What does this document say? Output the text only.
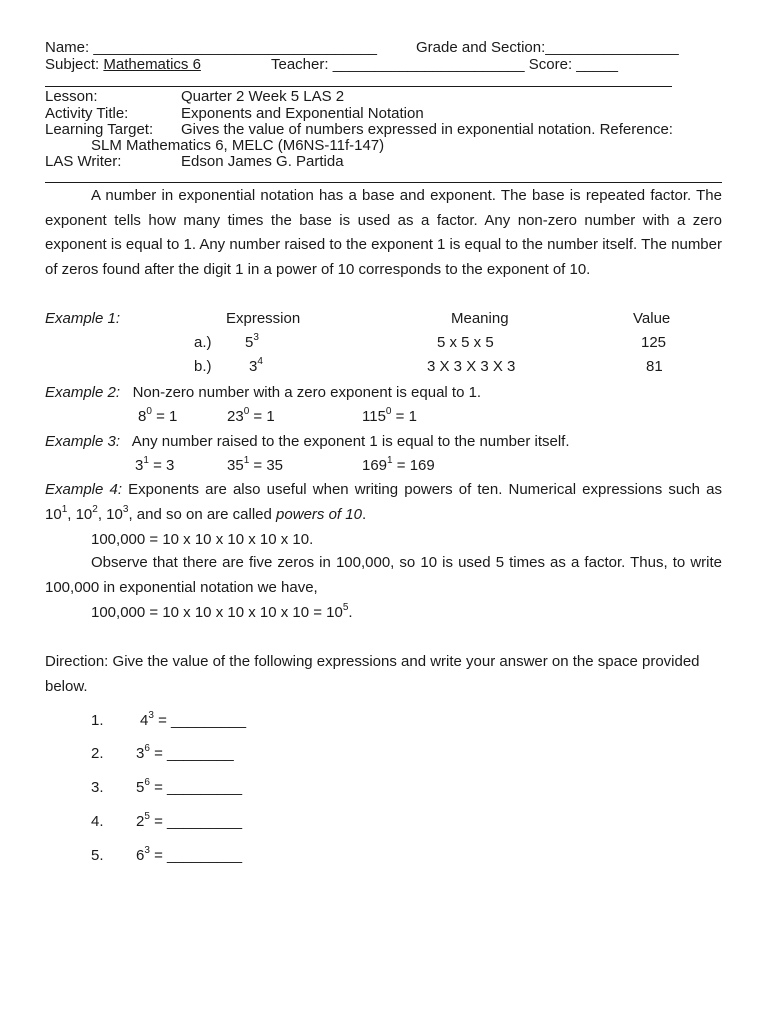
Name: __________________________________	Grade and Section:________________
Subject: Mathematics 6	Teacher: _______________________ Score: _____
Lesson:	Quarter 2 Week 5 LAS 2
Activity Title:	Exponents and Exponential Notation
Learning Target: Gives the value of numbers expressed in exponential notation. Reference:
SLM Mathematics 6, MELC (M6NS-11f-147)
LAS Writer:	Edson James G. Partida
A number in exponential notation has a base and exponent. The base is repeated factor. The exponent tells how many times the base is used as a factor. Any non-zero number with a zero exponent is equal to 1. Any number raised to the exponent 1 is equal to the number itself. The number of zeros found after the digit 1 in a power of 10 corresponds to the exponent of 10.
Example 1:	Expression	Meaning	Value
a.) $5^3$	5 x 5 x 5	125
b.) $3^4$	3 X 3 X 3 X 3	81
Example 2: Non-zero number with a zero exponent is equal to 1.
$8^0 = 1$	$23^0 = 1$	$115^0 = 1$
Example 3: Any number raised to the exponent 1 is equal to the number itself.
$3^1 = 3$	$35^1 = 35$	$169^1 = 169$
Example 4: Exponents are also useful when writing powers of ten. Numerical expressions such as $10^1$, $10^2$, $10^3$, and so on are called powers of 10.
100,000 = 10 x 10 x 10 x 10 x 10.
Observe that there are five zeros in 100,000, so 10 is used 5 times as a factor. Thus, to write 100,000 in exponential notation we have,
100,000 = 10 x 10 x 10 x 10 x $10 = 10^5$.
Direction: Give the value of the following expressions and write your answer on the space provided below.
1. $4^3$ = _________
2. $3^6$ = ________
3. $5^6$ = _________
4. $2^5$ = _________
5. $6^3$ = _________
